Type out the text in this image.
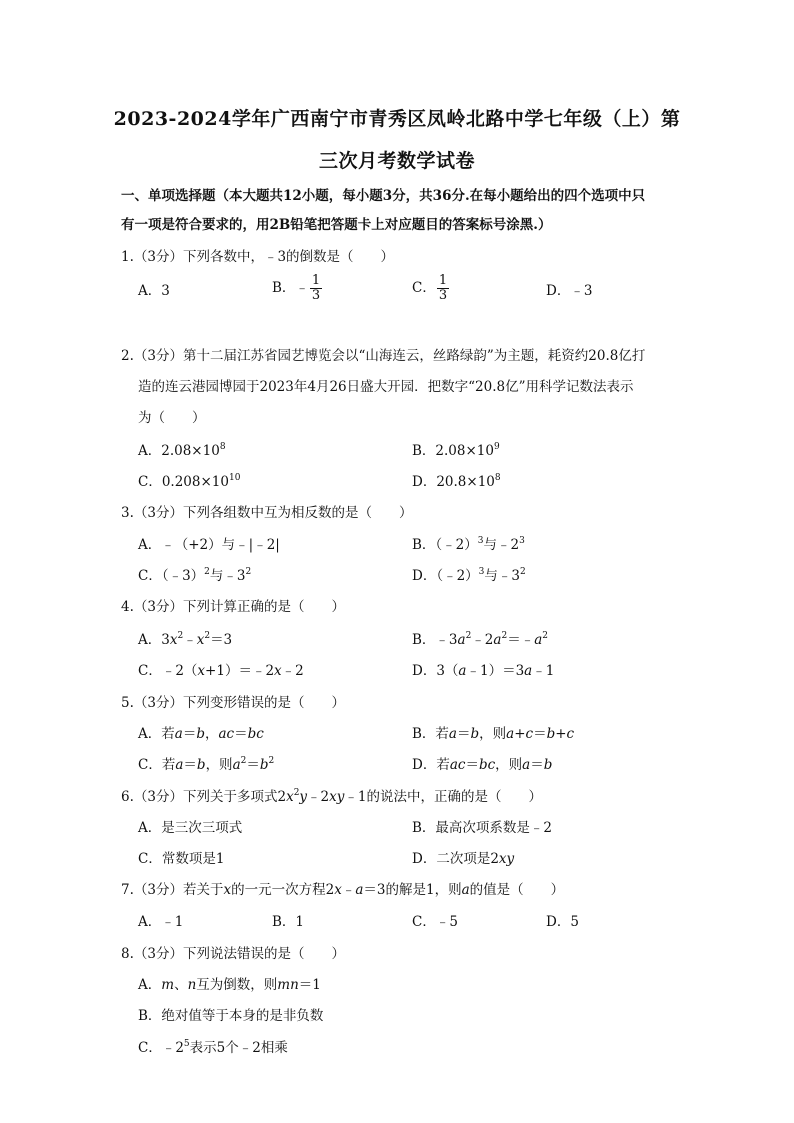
2023-2024学年广西南宁市青秀区凤岭北路中学七年级（上）第
三次月考数学试卷
一、单项选择题（本大题共12小题，每小题3分，共36分.在每小题给出的四个选项中只
有一项是符合要求的，用2B铅笔把答题卡上对应题目的答案标号涂黑.）
1.（3分）下列各数中，﹣3的倒数是（　　）
A．3	B．﹣ $\frac{1}{3}$	C． $\frac{1}{3}$	D．﹣3
2.（3分）第十二届江苏省园艺博览会以“山海连云，丝路绿韵”为主题，耗资约20.8亿打
造的连云港园博园于2023年4月26日盛大开园．把数字“20.8亿”用科学记数法表示
为（　　）
A．$2.08\times 10^8$	B．$2.08\times 10^9$
C．$0.208\times 10^{10}$	D．$20.8\times 10^8$
3.（3分）下列各组数中互为相反数的是（　　）
A．﹣（+2）与﹣|﹣2|	B．（﹣2）$^3$与$﹣2^3$
C．（﹣3）$^2$与$﹣3^2$	D．（﹣2）$^3$与$﹣3^2$
4.（3分）下列计算正确的是（　　）
A．$3x^2﹣x^2=3$	B．$﹣3a^2﹣2a^2=﹣a^2$
C．﹣2（x+1）＝﹣2x﹣2	D．3（a﹣1）＝3a﹣1
5.（3分）下列变形错误的是（　　）
A．若a＝b，ac＝bc	B．若a＝b，则a+c＝b+c
C．若a＝b，则$a^2=b^2$	D．若ac＝bc，则a＝b
6.（3分）下列关于多项式$2x^2y﹣2xy﹣1$的说法中，正确的是（　　）
A．是三次三项式	B．最高次项系数是﹣2
C．常数项是1	D．二次项是2xy
7.（3分）若关于x的一元一次方程2x﹣a＝3的解是1，则a的值是（　　）
A．﹣1	B．1	C．﹣5	D．5
8.（3分）下列说法错误的是（　　）
A．m、n互为倒数，则mn＝1
B．绝对值等于本身的是非负数
C．$﹣2^5$表示5个﹣2相乘
